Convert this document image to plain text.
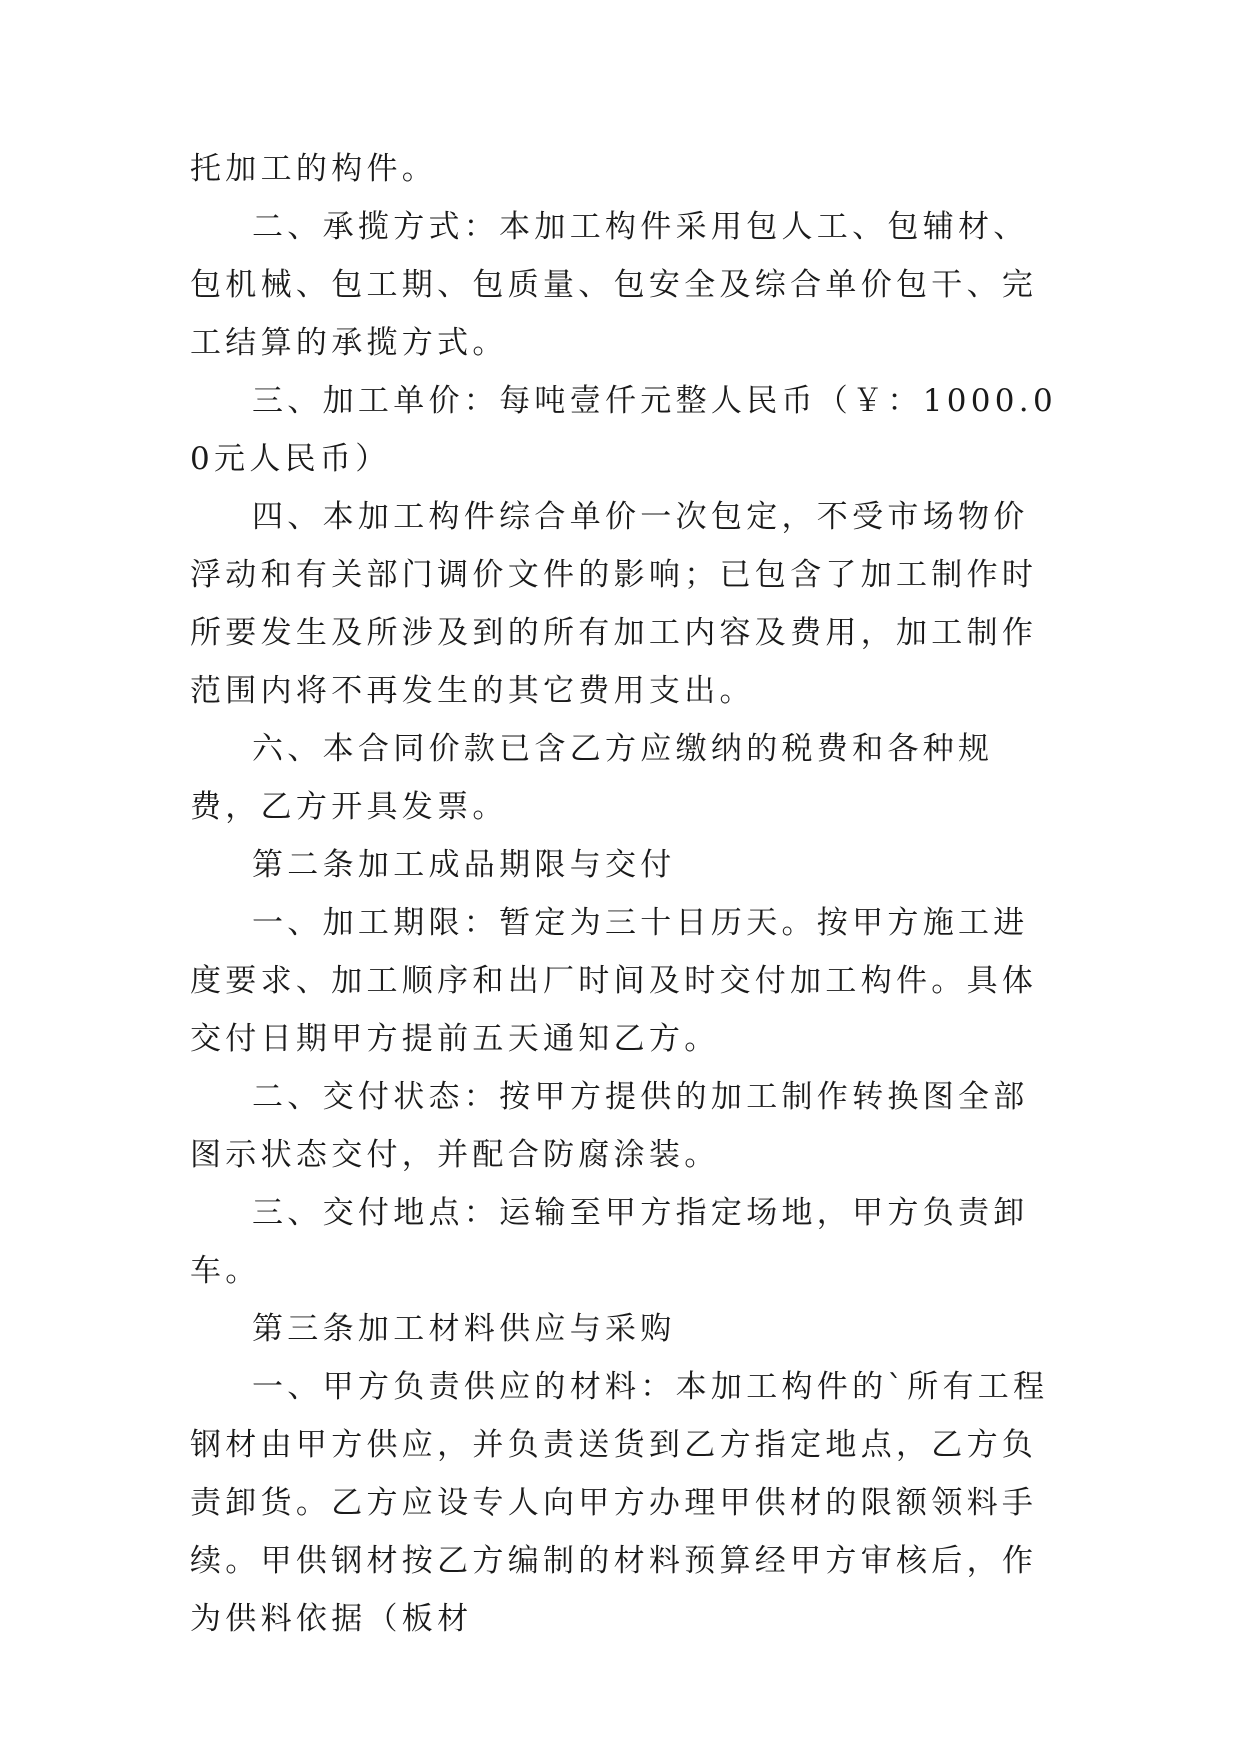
托加工的构件。

二、承揽方式：本加工构件采用包人工、包辅材、包机械、包工期、包质量、包安全及综合单价包干、完工结算的承揽方式。

三、加工单价：每吨壹仟元整人民币（￥：1000.00元人民币）

四、本加工构件综合单价一次包定，不受市场物价浮动和有关部门调价文件的影响；已包含了加工制作时所要发生及所涉及到的所有加工内容及费用，加工制作范围内将不再发生的其它费用支出。

六、本合同价款已含乙方应缴纳的税费和各种规费，乙方开具发票。

第二条加工成品期限与交付

一、加工期限：暂定为三十日历天。按甲方施工进度要求、加工顺序和出厂时间及时交付加工构件。具体交付日期甲方提前五天通知乙方。

二、交付状态：按甲方提供的加工制作转换图全部图示状态交付，并配合防腐涂装。

三、交付地点：运输至甲方指定场地，甲方负责卸车。

第三条加工材料供应与采购

一、甲方负责供应的材料：本加工构件的`所有工程钢材由甲方供应，并负责送货到乙方指定地点，乙方负责卸货。乙方应设专人向甲方办理甲供材的限额领料手续。甲供钢材按乙方编制的材料预算经甲方审核后，作为供料依据（板材
